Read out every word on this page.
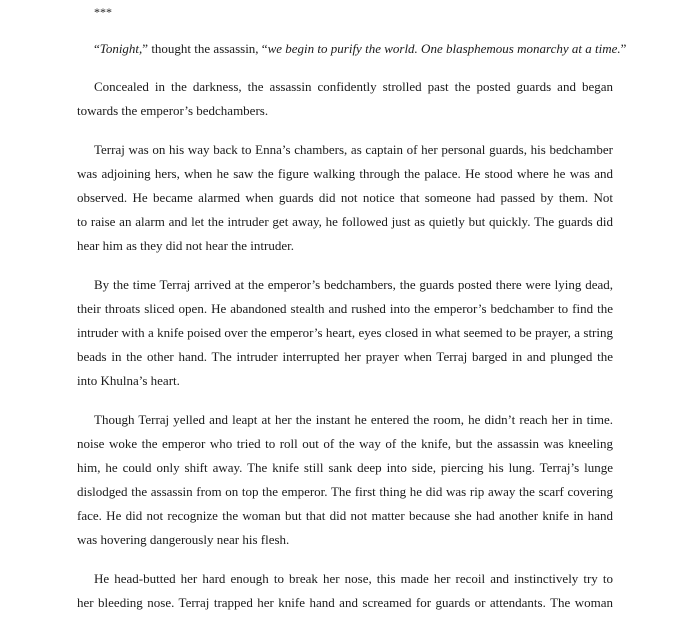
***

“Tonight,” thought the assassin, “we begin to purify the world. One blasphemous monarchy at a time.”

Concealed in the darkness, the assassin confidently strolled past the posted guards and began
towards the emperor’s bedchambers.

Terraj was on his way back to Enna’s chambers, as captain of her personal guards, his bedchamber
was adjoining hers, when he saw the figure walking through the palace. He stood where he was and
observed. He became alarmed when guards did not notice that someone had passed by them. Not
to raise an alarm and let the intruder get away, he followed just as quietly but quickly. The guards did
hear him as they did not hear the intruder.

By the time Terraj arrived at the emperor’s bedchambers, the guards posted there were lying dead,
their throats sliced open. He abandoned stealth and rushed into the emperor’s bedchamber to find the
intruder with a knife poised over the emperor’s heart, eyes closed in what seemed to be prayer, a string
beads in the other hand. The intruder interrupted her prayer when Terraj barged in and plunged the
into Khulna’s heart.

Though Terraj yelled and leapt at her the instant he entered the room, he didn’t reach her in time.
noise woke the emperor who tried to roll out of the way of the knife, but the assassin was kneeling
him, he could only shift away. The knife still sank deep into side, piercing his lung. Terraj’s lunge
dislodged the assassin from on top the emperor. The first thing he did was rip away the scarf covering
face. He did not recognize the woman but that did not matter because she had another knife in hand
was hovering dangerously near his flesh.

He head-butted her hard enough to break her nose, this made her recoil and instinctively try to
her bleeding nose. Terraj trapped her knife hand and screamed for guards or attendants. The woman
